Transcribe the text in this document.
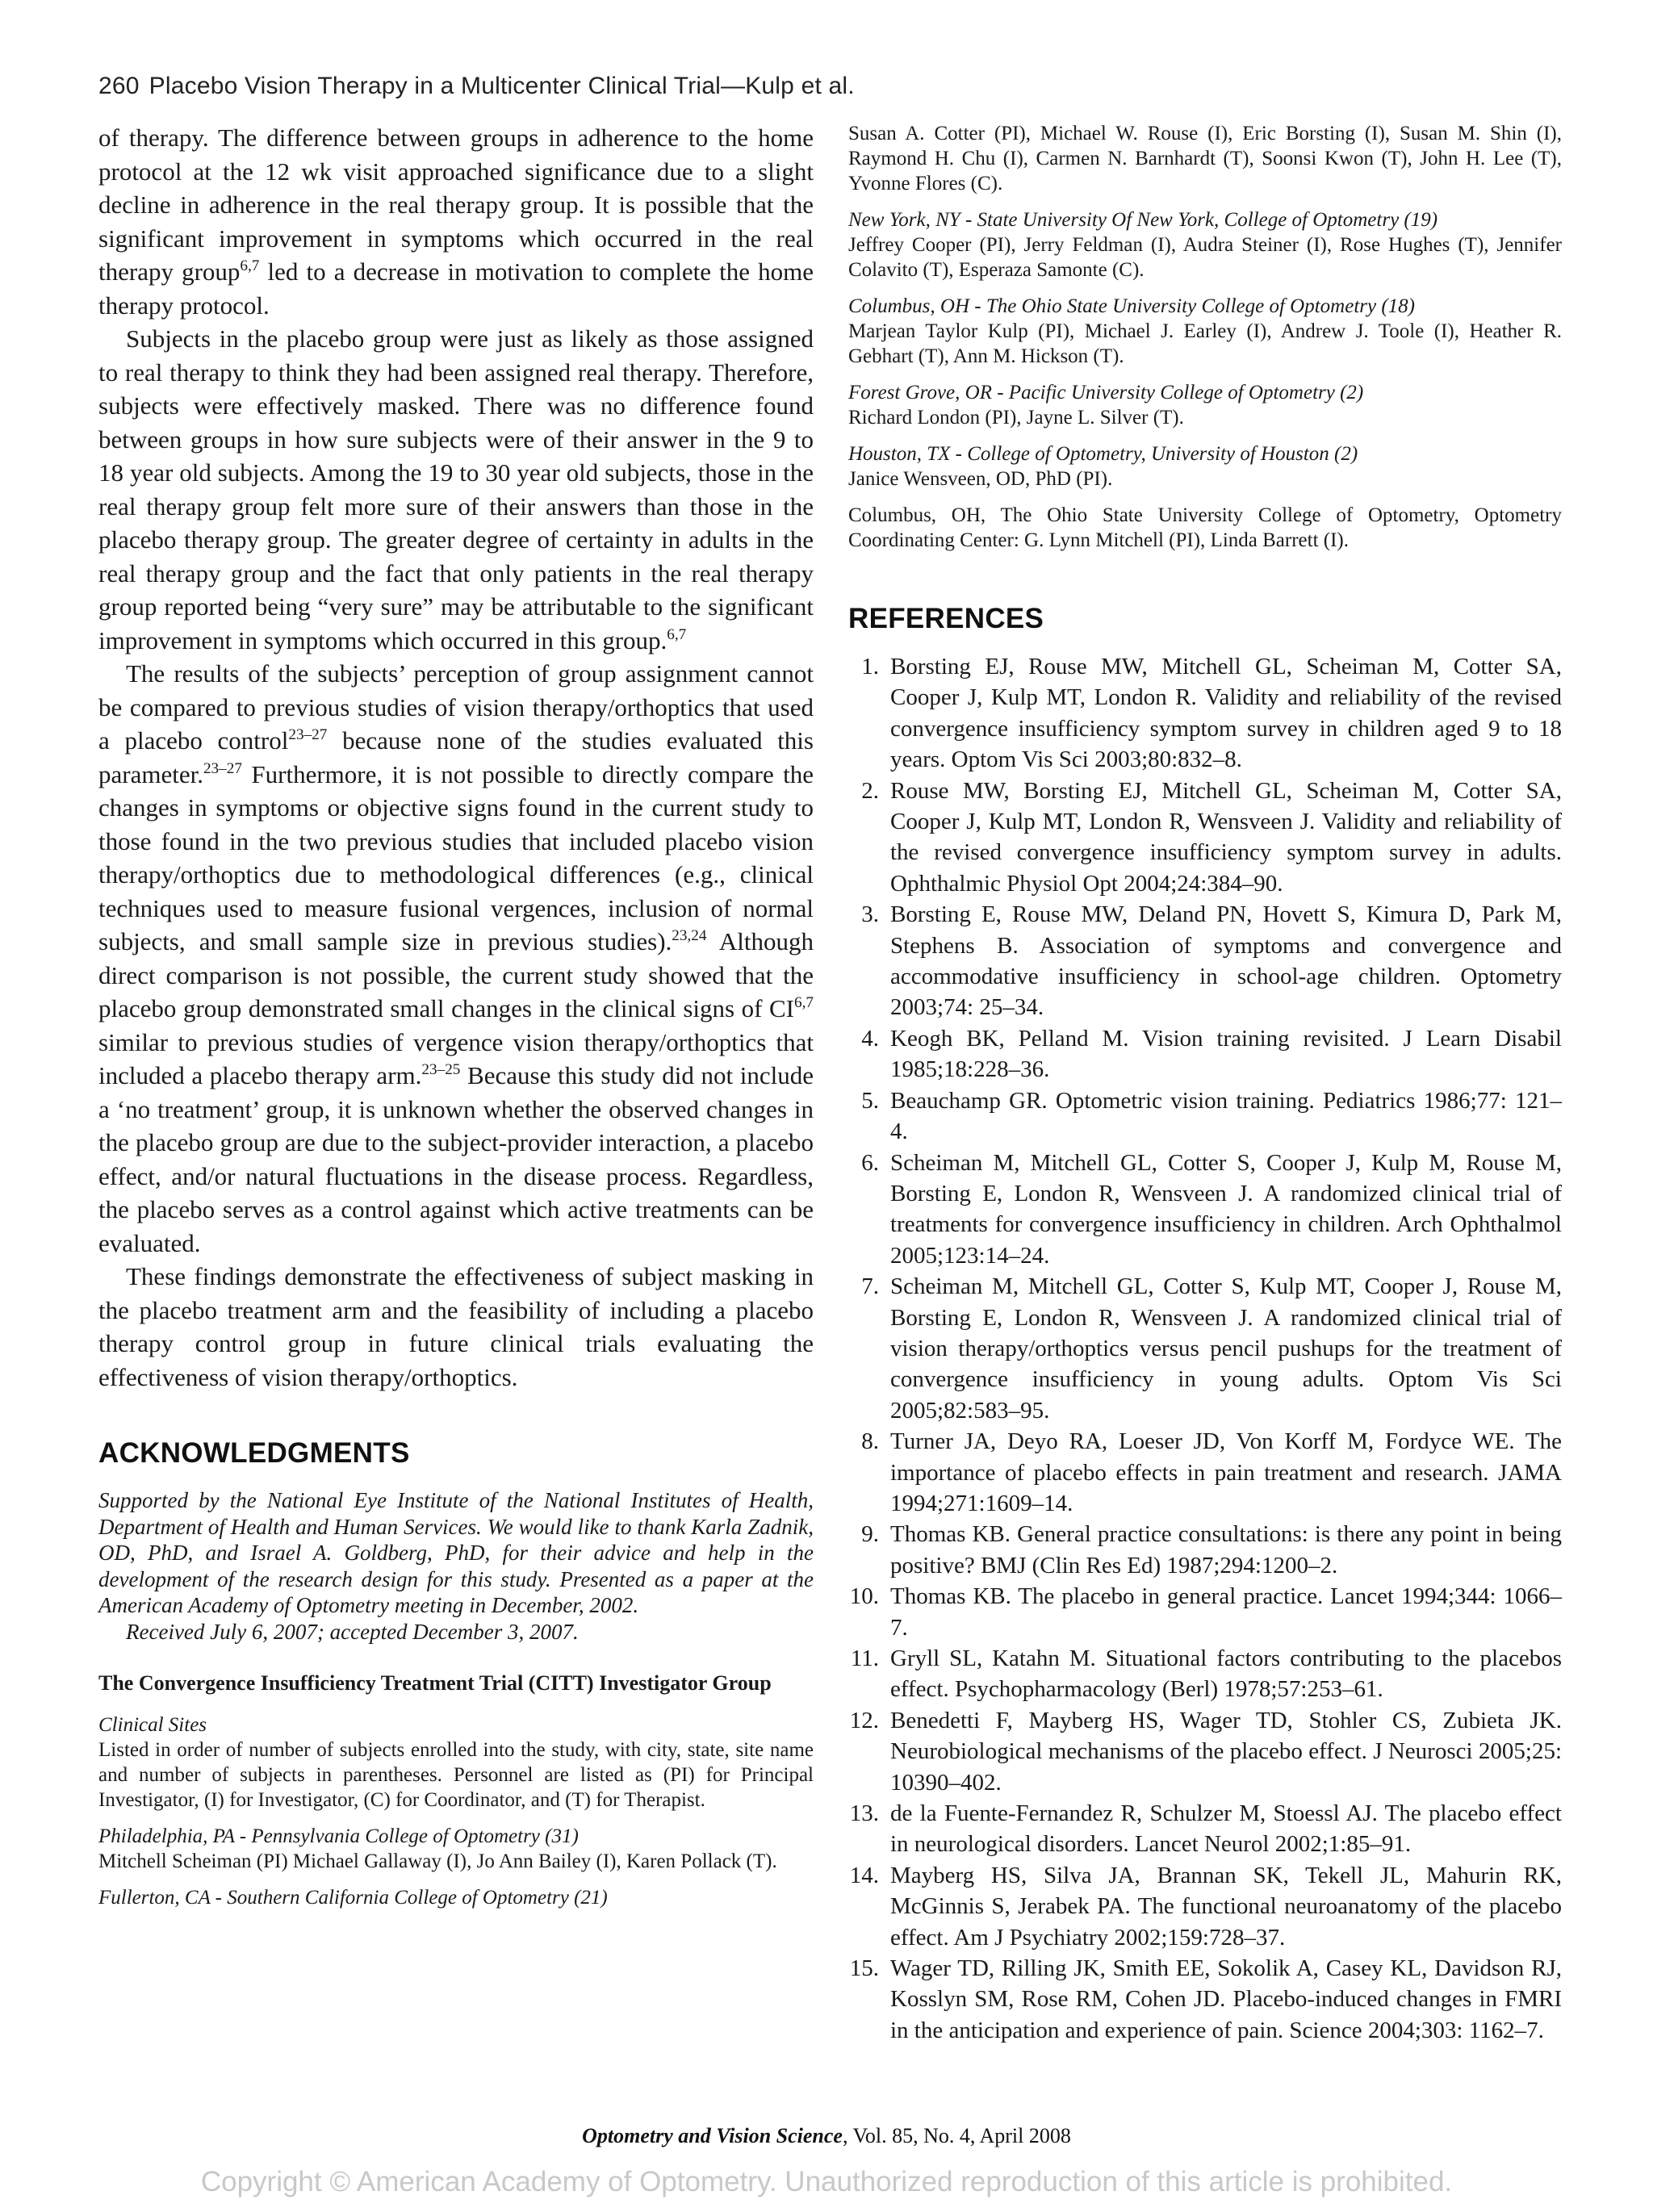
260 Placebo Vision Therapy in a Multicenter Clinical Trial—Kulp et al.

of therapy. The difference between groups in adherence to the home protocol at the 12 wk visit approached significance due to a slight decline in adherence in the real therapy group. It is possible that the significant improvement in symptoms which occurred in the real therapy group$^{6,7}$ led to a decrease in motivation to complete the home therapy protocol.

Subjects in the placebo group were just as likely as those assigned to real therapy to think they had been assigned real therapy. Therefore, subjects were effectively masked. There was no difference found between groups in how sure subjects were of their answer in the 9 to 18 year old subjects. Among the 19 to 30 year old subjects, those in the real therapy group felt more sure of their answers than those in the placebo therapy group. The greater degree of certainty in adults in the real therapy group and the fact that only patients in the real therapy group reported being “very sure” may be attributable to the significant improvement in symptoms which occurred in this group.$^{6,7}$

The results of the subjects’ perception of group assignment cannot be compared to previous studies of vision therapy/orthoptics that used a placebo control$^{23-27}$ because none of the studies evaluated this parameter.$^{23-27}$ Furthermore, it is not possible to directly compare the changes in symptoms or objective signs found in the current study to those found in the two previous studies that included placebo vision therapy/orthoptics due to methodological differences (e.g., clinical techniques used to measure fusional vergences, inclusion of normal subjects, and small sample size in previous studies).$^{23,24}$ Although direct comparison is not possible, the current study showed that the placebo group demonstrated small changes in the clinical signs of CI$^{6,7}$ similar to previous studies of vergence vision therapy/orthoptics that included a placebo therapy arm.$^{23-25}$ Because this study did not include a ‘no treatment’ group, it is unknown whether the observed changes in the placebo group are due to the subject-provider interaction, a placebo effect, and/or natural fluctuations in the disease process. Regardless, the placebo serves as a control against which active treatments can be evaluated.

These findings demonstrate the effectiveness of subject masking in the placebo treatment arm and the feasibility of including a placebo therapy control group in future clinical trials evaluating the effectiveness of vision therapy/orthoptics.

ACKNOWLEDGMENTS

Supported by the National Eye Institute of the National Institutes of Health, Department of Health and Human Services. We would like to thank Karla Zadnik, OD, PhD, and Israel A. Goldberg, PhD, for their advice and help in the development of the research design for this study. Presented as a paper at the American Academy of Optometry meeting in December, 2002.
Received July 6, 2007; accepted December 3, 2007.

The Convergence Insufficiency Treatment Trial (CITT) Investigator Group

Clinical Sites

Listed in order of number of subjects enrolled into the study, with city, state, site name and number of subjects in parentheses. Personnel are listed as (PI) for Principal Investigator, (I) for Investigator, (C) for Coordinator, and (T) for Therapist.

Philadelphia, PA - Pennsylvania College of Optometry (31)

Mitchell Scheiman (PI) Michael Gallaway (I), Jo Ann Bailey (I), Karen Pollack (T).

Fullerton, CA - Southern California College of Optometry (21)

Susan A. Cotter (PI), Michael W. Rouse (I), Eric Borsting (I), Susan M. Shin (I), Raymond H. Chu (I), Carmen N. Barnhardt (T), Soonsi Kwon (T), John H. Lee (T), Yvonne Flores (C).

New York, NY - State University Of New York, College of Optometry (19)

Jeffrey Cooper (PI), Jerry Feldman (I), Audra Steiner (I), Rose Hughes (T), Jennifer Colavito (T), Esperaza Samonte (C).

Columbus, OH - The Ohio State University College of Optometry (18)

Marjean Taylor Kulp (PI), Michael J. Earley (I), Andrew J. Toole (I), Heather R. Gebhart (T), Ann M. Hickson (T).

Forest Grove, OR - Pacific University College of Optometry (2)

Richard London (PI), Jayne L. Silver (T).

Houston, TX - College of Optometry, University of Houston (2)

Janice Wensveen, OD, PhD (PI).

Columbus, OH, The Ohio State University College of Optometry, Optometry Coordinating Center: G. Lynn Mitchell (PI), Linda Barrett (I).

REFERENCES
1. Borsting EJ, Rouse MW, Mitchell GL, Scheiman M, Cotter SA, Cooper J, Kulp MT, London R. Validity and reliability of the revised convergence insufficiency symptom survey in children aged 9 to 18 years. Optom Vis Sci 2003;80:832–8.
2. Rouse MW, Borsting EJ, Mitchell GL, Scheiman M, Cotter SA, Cooper J, Kulp MT, London R, Wensveen J. Validity and reliability of the revised convergence insufficiency symptom survey in adults. Ophthalmic Physiol Opt 2004;24:384–90.
3. Borsting E, Rouse MW, Deland PN, Hovett S, Kimura D, Park M, Stephens B. Association of symptoms and convergence and accommodative insufficiency in school-age children. Optometry 2003;74: 25–34.
4. Keogh BK, Pelland M. Vision training revisited. J Learn Disabil 1985;18:228–36.
5. Beauchamp GR. Optometric vision training. Pediatrics 1986;77: 121–4.
6. Scheiman M, Mitchell GL, Cotter S, Cooper J, Kulp M, Rouse M, Borsting E, London R, Wensveen J. A randomized clinical trial of treatments for convergence insufficiency in children. Arch Ophthalmol 2005;123:14–24.
7. Scheiman M, Mitchell GL, Cotter S, Kulp MT, Cooper J, Rouse M, Borsting E, London R, Wensveen J. A randomized clinical trial of vision therapy/orthoptics versus pencil pushups for the treatment of convergence insufficiency in young adults. Optom Vis Sci 2005;82:583–95.
8. Turner JA, Deyo RA, Loeser JD, Von Korff M, Fordyce WE. The importance of placebo effects in pain treatment and research. JAMA 1994;271:1609–14.
9. Thomas KB. General practice consultations: is there any point in being positive? BMJ (Clin Res Ed) 1987;294:1200–2.
10. Thomas KB. The placebo in general practice. Lancet 1994;344: 1066–7.
11. Gryll SL, Katahn M. Situational factors contributing to the placebos effect. Psychopharmacology (Berl) 1978;57:253–61.
12. Benedetti F, Mayberg HS, Wager TD, Stohler CS, Zubieta JK. Neurobiological mechanisms of the placebo effect. J Neurosci 2005;25: 10390–402.
13. de la Fuente-Fernandez R, Schulzer M, Stoessl AJ. The placebo effect in neurological disorders. Lancet Neurol 2002;1:85–91.
14. Mayberg HS, Silva JA, Brannan SK, Tekell JL, Mahurin RK, McGinnis S, Jerabek PA. The functional neuroanatomy of the placebo effect. Am J Psychiatry 2002;159:728–37.
15. Wager TD, Rilling JK, Smith EE, Sokolik A, Casey KL, Davidson RJ, Kosslyn SM, Rose RM, Cohen JD. Placebo-induced changes in FMRI in the anticipation and experience of pain. Science 2004;303: 1162–7.
Optometry and Vision Science, Vol. 85, No. 4, April 2008
Copyright © American Academy of Optometry. Unauthorized reproduction of this article is prohibited.
